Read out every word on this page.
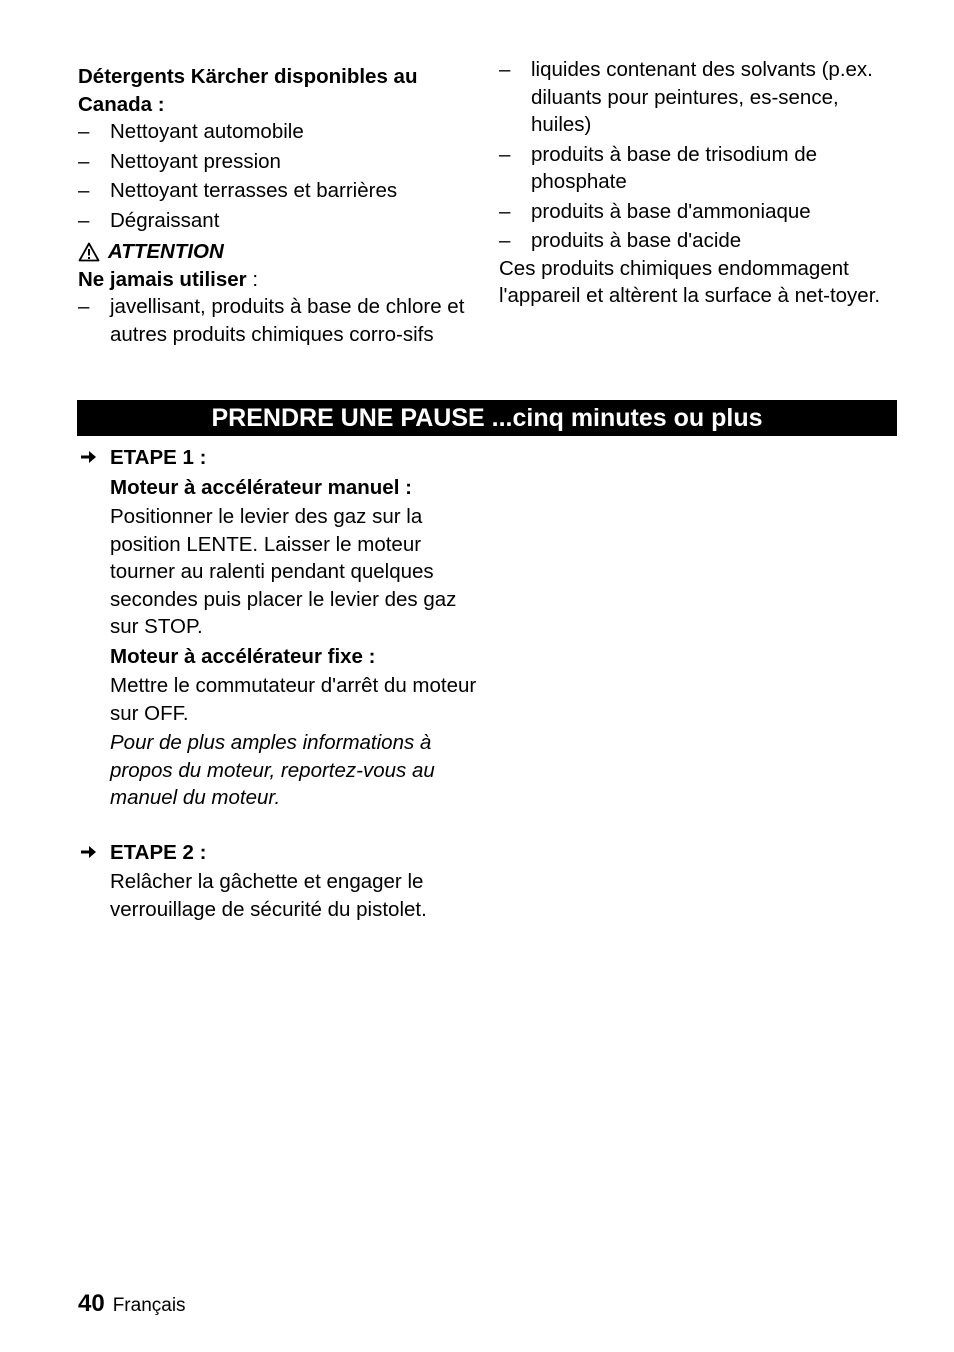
Détergents Kärcher disponibles au Canada :
– Nettoyant automobile
– Nettoyant pression
– Nettoyant terrasses et barrières
– Dégraissant
ATTENTION
Ne jamais utiliser :
– javellisant, produits à base de chlore et autres produits chimiques corro-sifs
– liquides contenant des solvants (p.ex. diluants pour peintures, es-sence, huiles)
– produits à base de trisodium de phosphate
– produits à base d'ammoniaque
– produits à base d'acide
Ces produits chimiques endommagent l'appareil et altèrent la surface à net-toyer.
PRENDRE UNE PAUSE ...cinq minutes ou plus
ETAPE 1 :
Moteur à accélérateur manuel :
Positionner le levier des gaz sur la position LENTE. Laisser le moteur tourner au ralenti pendant quelques secondes puis placer le levier des gaz sur STOP.
Moteur à accélérateur fixe :
Mettre le commutateur d'arrêt du moteur sur OFF.
Pour de plus amples informations à propos du moteur, reportez-vous au manuel du moteur.
ETAPE 2 :
Relâcher la gâchette et engager le verrouillage de sécurité du pistolet.
40 Français
